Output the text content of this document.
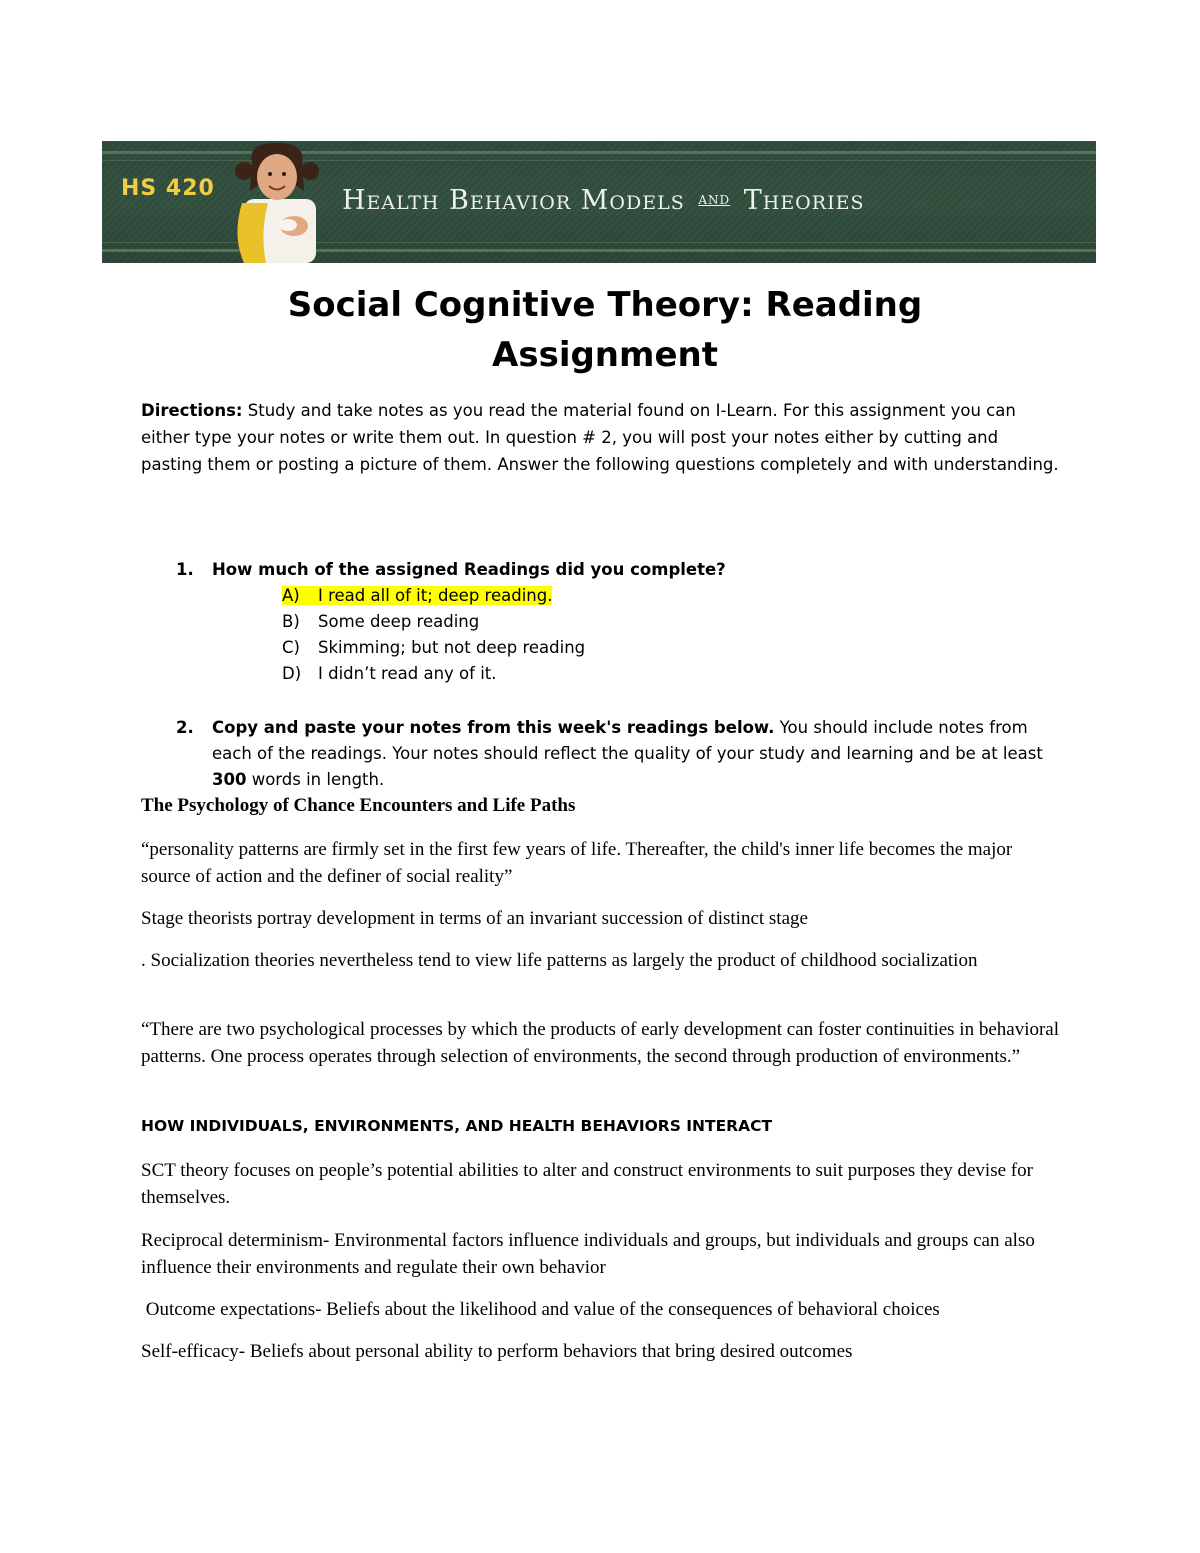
HS 420	Health Behavior Models and Theories
Social Cognitive Theory: Reading
Assignment
Directions: Study and take notes as you read the material found on I-Learn. For this assignment you can either type your notes or write them out. In question # 2, you will post your notes either by cutting and pasting them or posting a picture of them. Answer the following questions completely and with understanding.
1. How much of the assigned Readings did you complete?
A) I read all of it; deep reading.
B) Some deep reading
C) Skimming; but not deep reading
D) I didn’t read any of it.
2. Copy and paste your notes from this week's readings below. You should include notes from each of the readings. Your notes should reflect the quality of your study and learning and be at least 300 words in length.
The Psychology of Chance Encounters and Life Paths
“personality patterns are firmly set in the first few years of life. Thereafter, the child's inner life becomes the major source of action and the definer of social reality”
Stage theorists portray development in terms of an invariant succession of distinct stage
. Socialization theories nevertheless tend to view life patterns as largely the product of childhood socialization
“There are two psychological processes by which the products of early development can foster continuities in behavioral patterns. One process operates through selection of environments, the second through production of environments.”
HOW INDIVIDUALS, ENVIRONMENTS, AND HEALTH BEHAVIORS INTERACT
SCT theory focuses on people’s potential abilities to alter and construct environments to suit purposes they devise for themselves.
Reciprocal determinism- Environmental factors influence individuals and groups, but individuals and groups can also influence their environments and regulate their own behavior
Outcome expectations- Beliefs about the likelihood and value of the consequences of behavioral choices
Self-efficacy- Beliefs about personal ability to perform behaviors that bring desired outcomes
